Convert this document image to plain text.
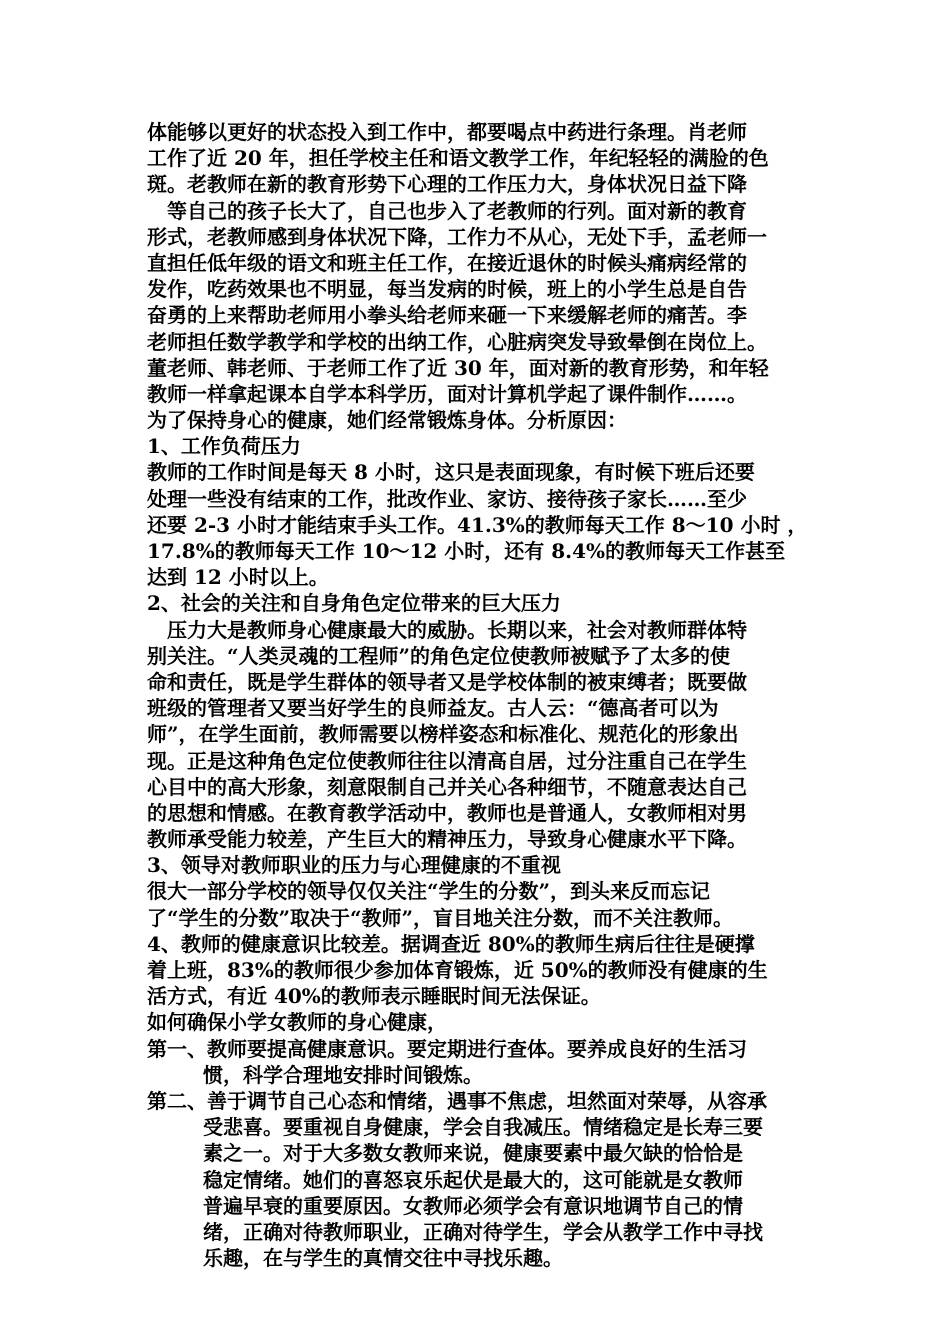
体能够以更好的状态投入到工作中，都要喝点中药进行条理。肖老师
工作了近 20 年，担任学校主任和语文教学工作，年纪轻轻的满脸的色
斑。老教师在新的教育形势下心理的工作压力大，身体状况日益下降
　等自己的孩子长大了，自己也步入了老教师的行列。面对新的教育
形式，老教师感到身体状况下降，工作力不从心，无处下手，孟老师一
直担任低年级的语文和班主任工作，在接近退休的时候头痛病经常的
发作，吃药效果也不明显，每当发病的时候，班上的小学生总是自告
奋勇的上来帮助老师用小拳头给老师来砸一下来缓解老师的痛苦。李
老师担任数学教学和学校的出纳工作，心脏病突发导致晕倒在岗位上。
董老师、韩老师、于老师工作了近 30 年，面对新的教育形势，和年轻
教师一样拿起课本自学本科学历，面对计算机学起了课件制作……。
为了保持身心的健康，她们经常锻炼身体。分析原因：
1、工作负荷压力
教师的工作时间是每天 8 小时，这只是表面现象，有时候下班后还要
处理一些没有结束的工作，批改作业、家访、接待孩子家长……至少
还要 2-3 小时才能结束手头工作。41.3%的教师每天工作 8～10 小时 ，
17.8%的教师每天工作 10～12 小时，还有 8.4%的教师每天工作甚至
达到 12 小时以上。
2、社会的关注和自身角色定位带来的巨大压力
　压力大是教师身心健康最大的威胁。长期以来，社会对教师群体特
别关注。“人类灵魂的工程师”的角色定位使教师被赋予了太多的使
命和责任，既是学生群体的领导者又是学校体制的被束缚者；既要做
班级的管理者又要当好学生的良师益友。古人云：“德高者可以为
师”，在学生面前，教师需要以榜样姿态和标准化、规范化的形象出
现。正是这种角色定位使教师往往以清高自居，过分注重自己在学生
心目中的高大形象，刻意限制自己并关心各种细节，不随意表达自己
的思想和情感。在教育教学活动中，教师也是普通人，女教师相对男
教师承受能力较差，产生巨大的精神压力，导致身心健康水平下降。
3、领导对教师职业的压力与心理健康的不重视
很大一部分学校的领导仅仅关注“学生的分数”，到头来反而忘记
了“学生的分数”取决于“教师”，盲目地关注分数，而不关注教师。
4、教师的健康意识比较差。据调查近 80%的教师生病后往往是硬撑
着上班，83%的教师很少参加体育锻炼，近 50%的教师没有健康的生
活方式，有近 40%的教师表示睡眠时间无法保证。
如何确保小学女教师的身心健康，
第一、教师要提高健康意识。要定期进行查体。要养成良好的生活习
惯，科学合理地安排时间锻炼。
第二、善于调节自己心态和情绪，遇事不焦虑，坦然面对荣辱，从容承
受悲喜。要重视自身健康，学会自我减压。情绪稳定是长寿三要
素之一。对于大多数女教师来说，健康要素中最欠缺的恰恰是
稳定情绪。她们的喜怒哀乐起伏是最大的，这可能就是女教师
普遍早衰的重要原因。女教师必须学会有意识地调节自己的情
绪，正确对待教师职业，正确对待学生，学会从教学工作中寻找
乐趣，在与学生的真情交往中寻找乐趣。
